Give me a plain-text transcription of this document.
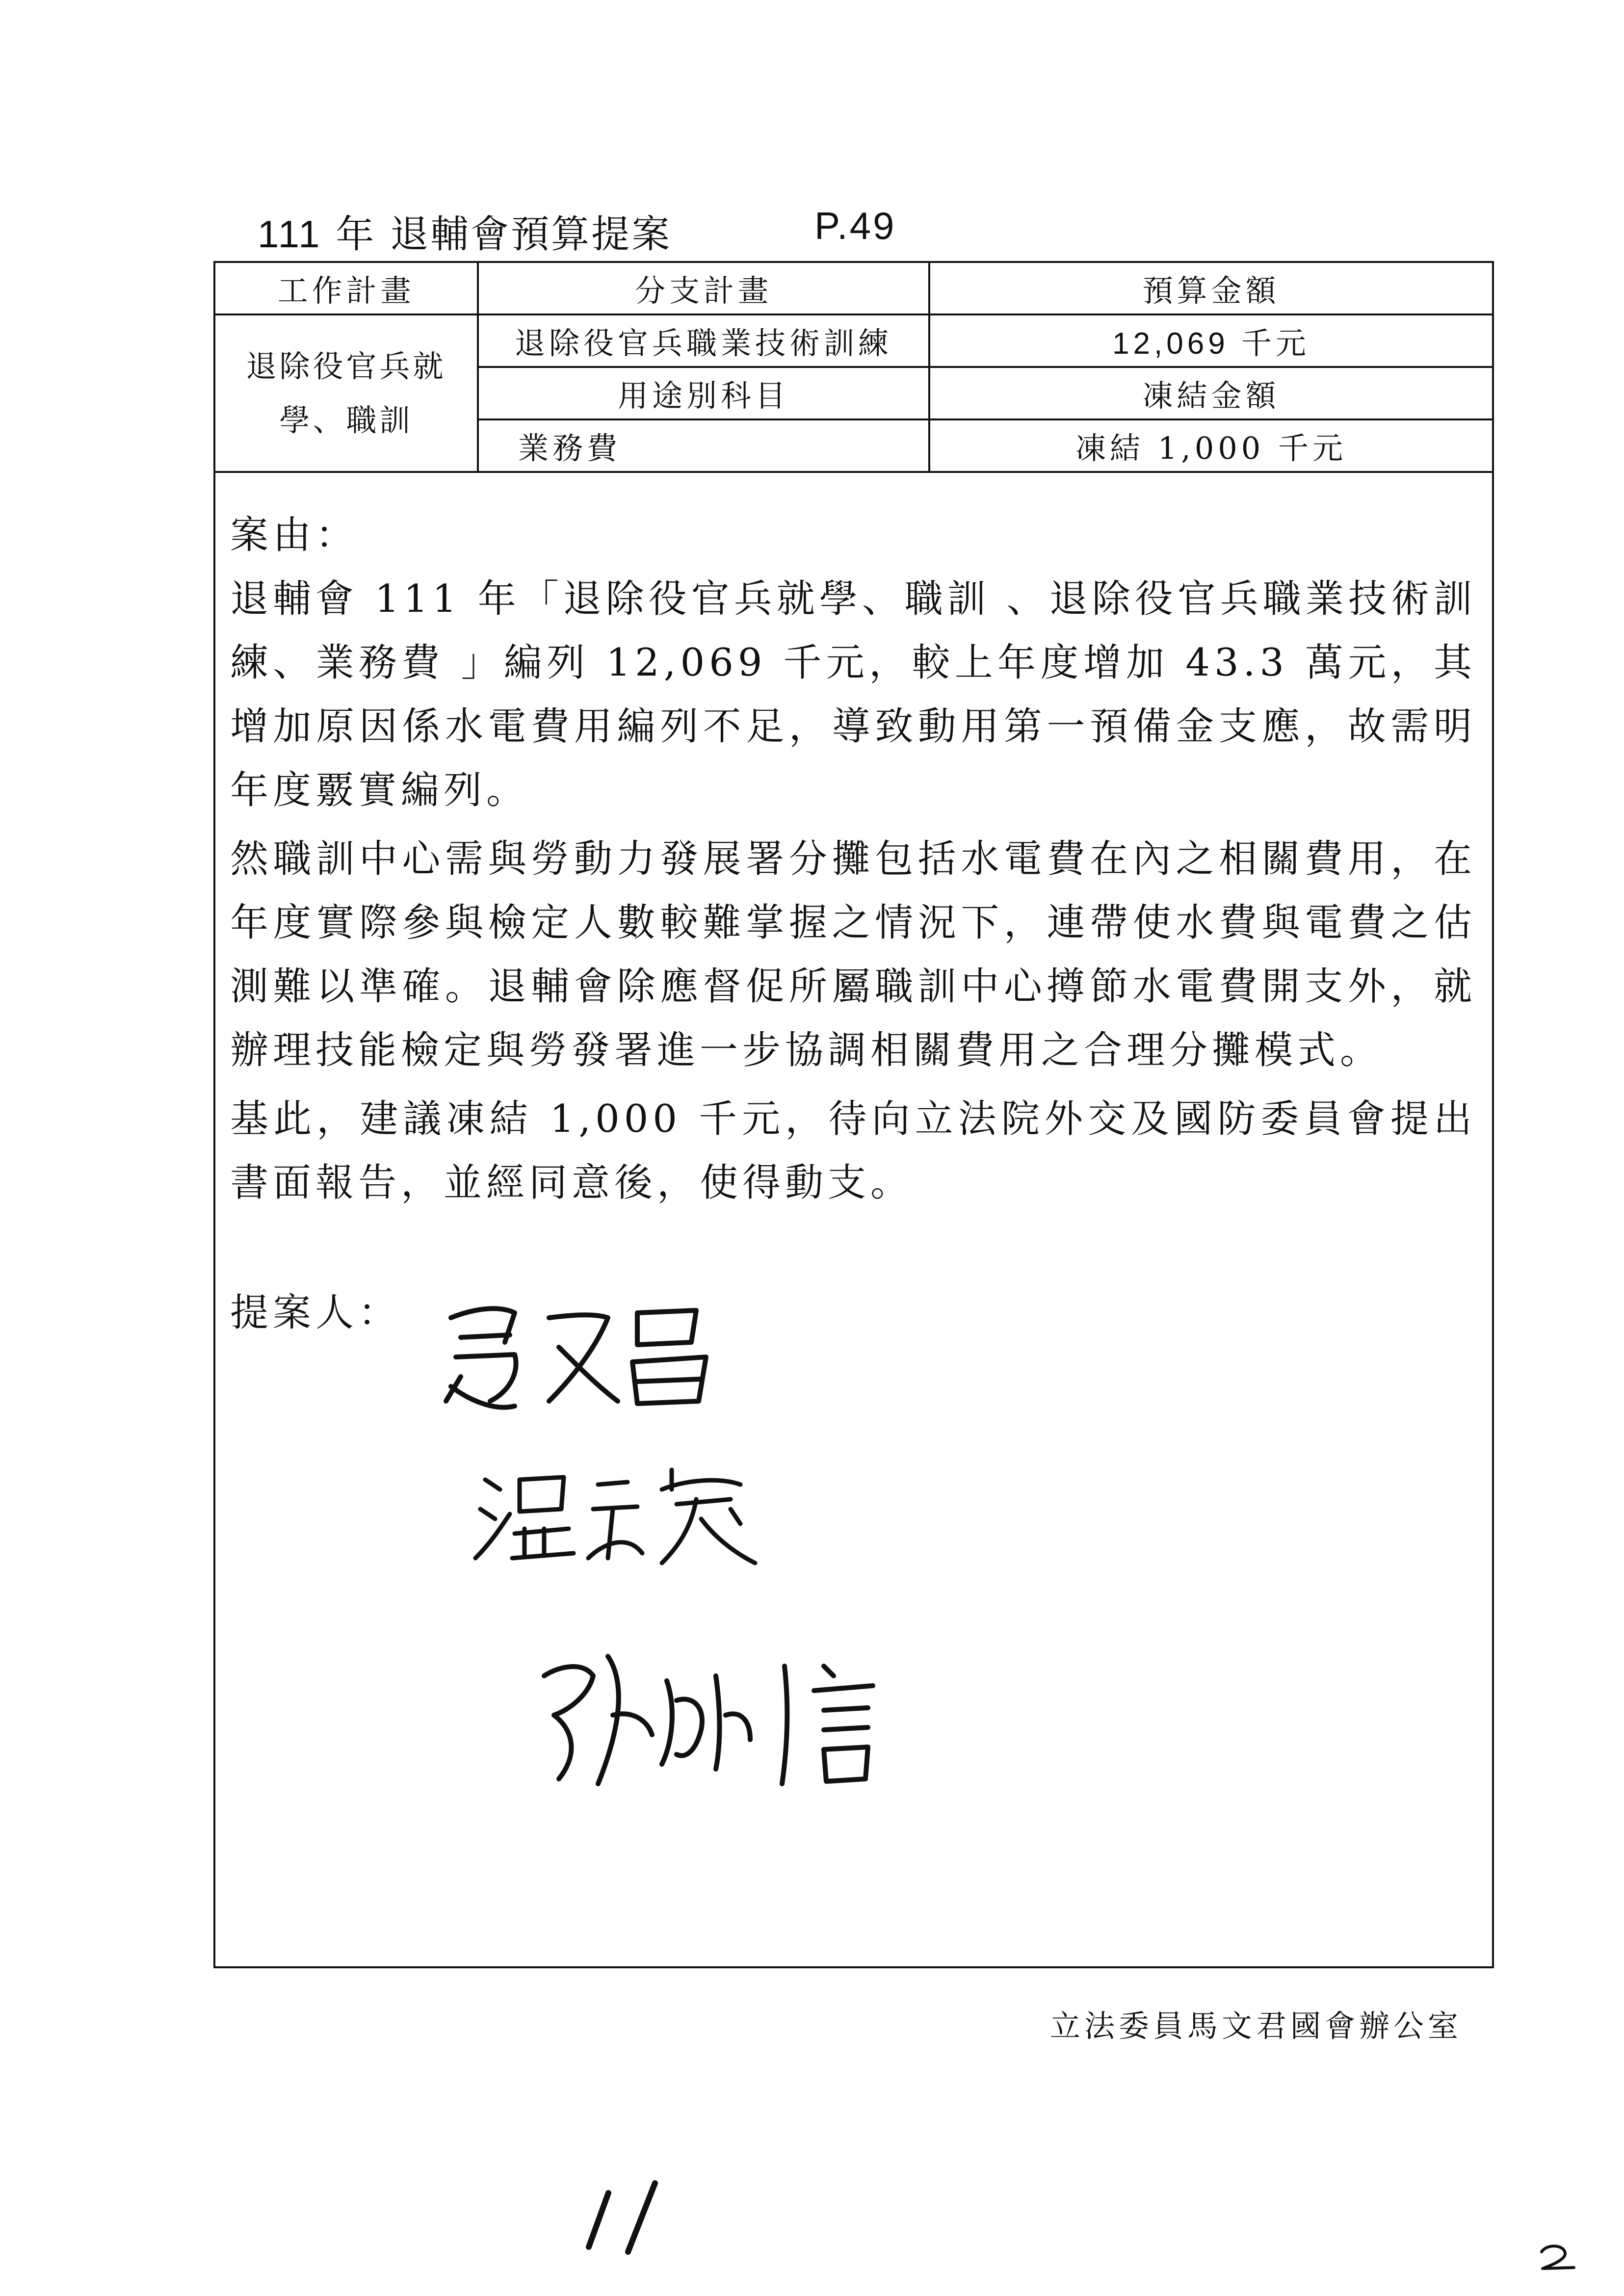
111 年 退輔會預算提案	P.49
工作計畫	分支計畫	預算金額
退除役官兵就學、職訓	退除役官兵職業技術訓練	12,069 千元
	用途別科目	凍結金額
	業務費	凍結 1,000 千元
案由：
退輔會 111 年「退除役官兵就學、職訓 、退除役官兵職業技術訓練、業務費 」編列 12,069 千元，較上年度增加 43.3 萬元，其增加原因係水電費用編列不足，導致動用第一預備金支應，故需明年度覈實編列。
然職訓中心需與勞動力發展署分攤包括水電費在內之相關費用，在年度實際參與檢定人數較難掌握之情況下，連帶使水費與電費之估測難以準確。退輔會除應督促所屬職訓中心撙節水電費開支外，就辦理技能檢定與勞發署進一步協調相關費用之合理分攤模式。
基此，建議凍結 1,000 千元，待向立法院外交及國防委員會提出書面報告，並經同意後，使得動支。
提案人：
立法委員馬文君國會辦公室
